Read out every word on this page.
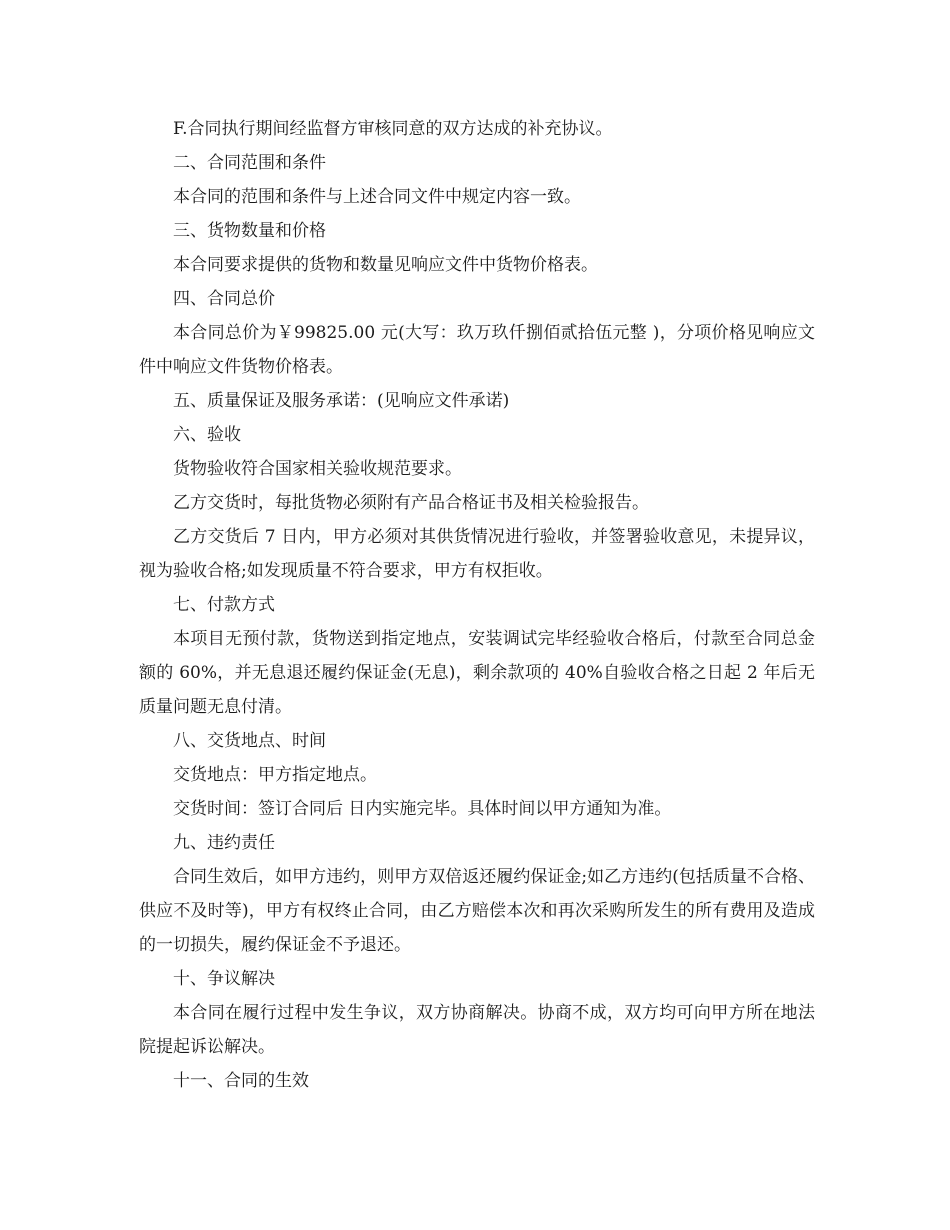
F.合同执行期间经监督方审核同意的双方达成的补充协议。

二、合同范围和条件

本合同的范围和条件与上述合同文件中规定内容一致。

三、货物数量和价格

本合同要求提供的货物和数量见响应文件中货物价格表。

四、合同总价

本合同总价为￥99825.00 元(大写：玖万玖仟捌佰贰拾伍元整 )，分项价格见响应文件中响应文件货物价格表。

五、质量保证及服务承诺：(见响应文件承诺)

六、验收

货物验收符合国家相关验收规范要求。

乙方交货时，每批货物必须附有产品合格证书及相关检验报告。

乙方交货后 7 日内，甲方必须对其供货情况进行验收，并签署验收意见，未提异议，视为验收合格;如发现质量不符合要求，甲方有权拒收。

七、付款方式

本项目无预付款，货物送到指定地点，安装调试完毕经验收合格后，付款至合同总金额的 60%，并无息退还履约保证金(无息)，剩余款项的 40%自验收合格之日起 2 年后无质量问题无息付清。

八、交货地点、时间

交货地点：甲方指定地点。

交货时间：签订合同后 日内实施完毕。具体时间以甲方通知为准。

九、违约责任

合同生效后，如甲方违约，则甲方双倍返还履约保证金;如乙方违约(包括质量不合格、供应不及时等)，甲方有权终止合同，由乙方赔偿本次和再次采购所发生的所有费用及造成的一切损失，履约保证金不予退还。

十、争议解决

本合同在履行过程中发生争议，双方协商解决。协商不成，双方均可向甲方所在地法院提起诉讼解决。

十一、合同的生效
